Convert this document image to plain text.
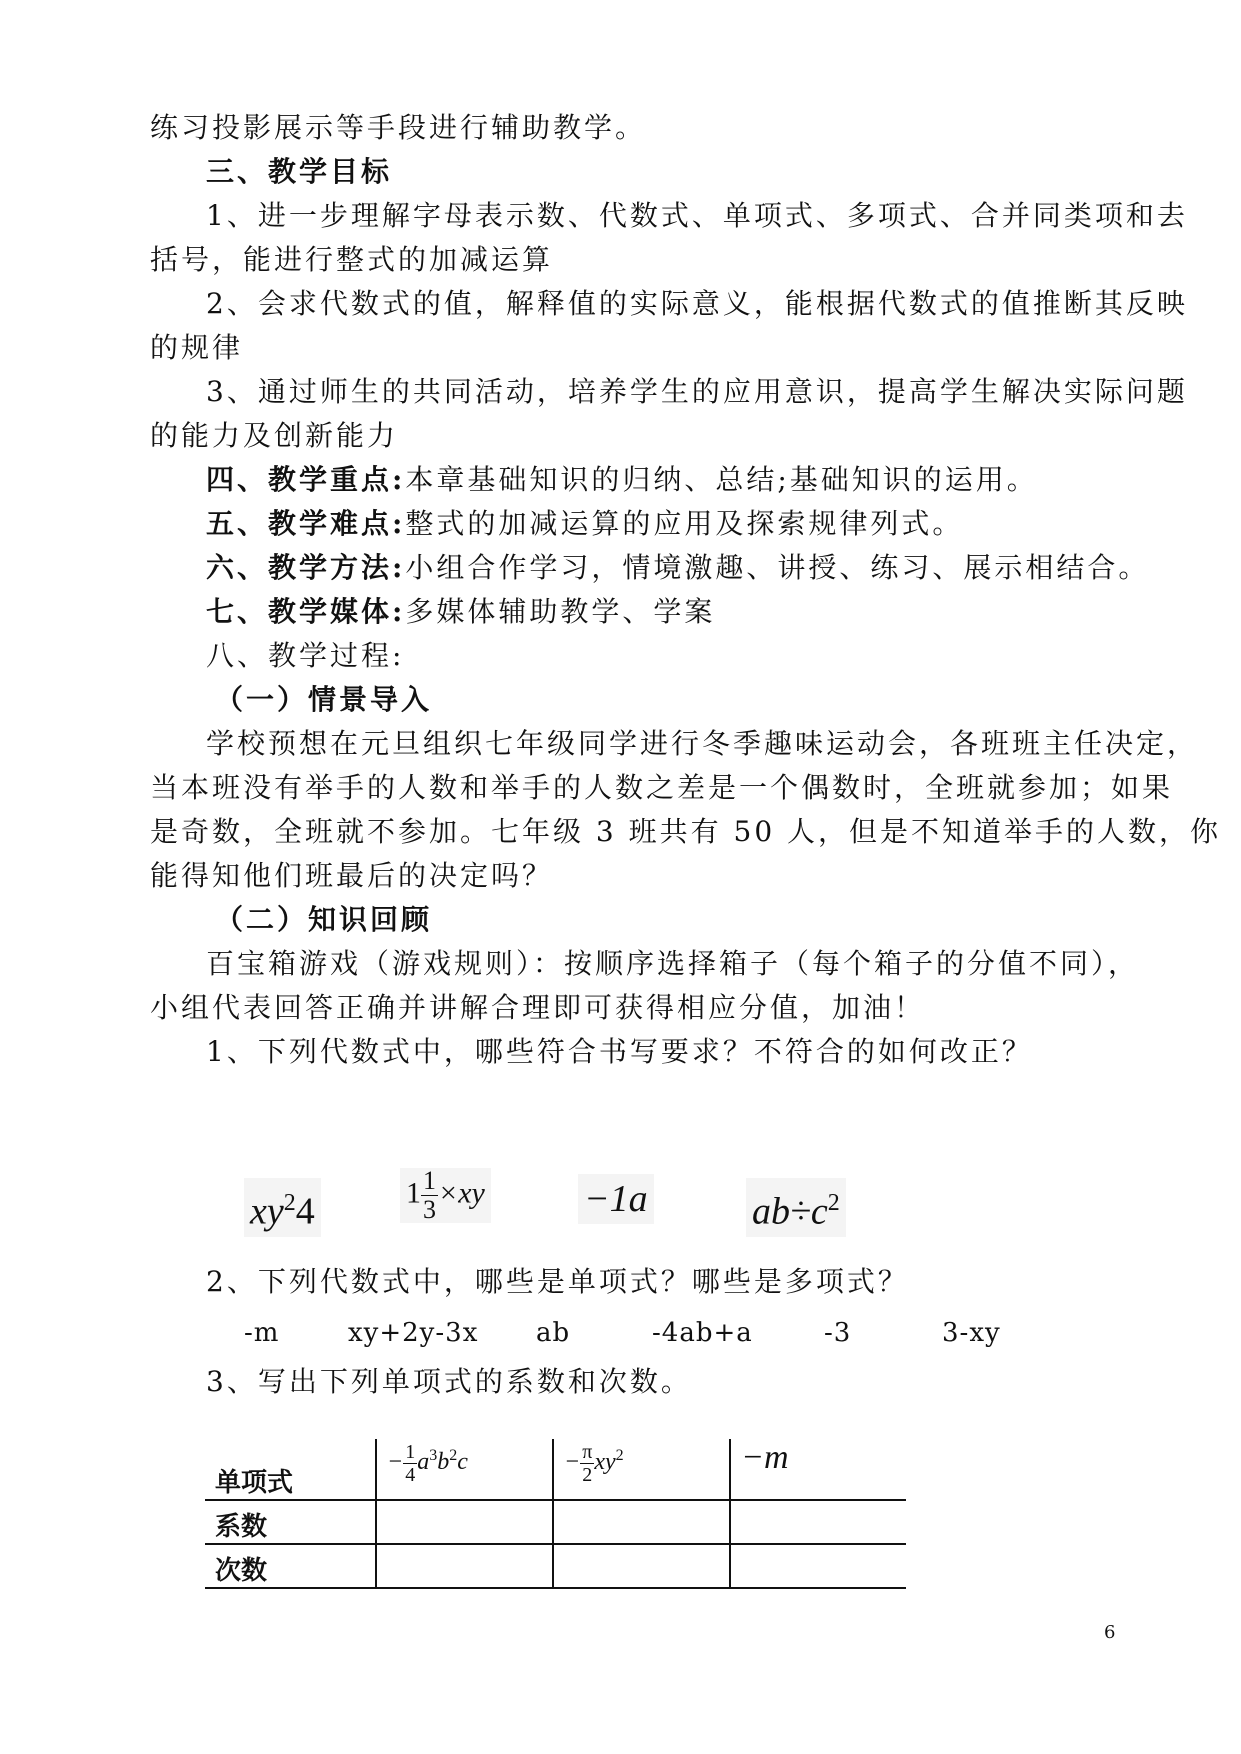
练习投影展示等手段进行辅助教学。
三、教学目标
1、进一步理解字母表示数、代数式、单项式、多项式、合并同类项和去
括号，能进行整式的加减运算
2、会求代数式的值，解释值的实际意义，能根据代数式的值推断其反映
的规律
3、通过师生的共同活动，培养学生的应用意识，提高学生解决实际问题
的能力及创新能力
四、教学重点:本章基础知识的归纳、总结;基础知识的运用。
五、教学难点:整式的加减运算的应用及探索规律列式。
六、教学方法:小组合作学习，情境激趣、讲授、练习、展示相结合。
七、教学媒体:多媒体辅助教学、学案
八、教学过程:
（一）情景导入
学校预想在元旦组织七年级同学进行冬季趣味运动会，各班班主任决定，
当本班没有举手的人数和举手的人数之差是一个偶数时，全班就参加；如果
是奇数，全班就不参加。七年级 3 班共有 50 人，但是不知道举手的人数，你
能得知他们班最后的决定吗？
（二）知识回顾
百宝箱游戏（游戏规则）：按顺序选择箱子（每个箱子的分值不同），
小组代表回答正确并讲解合理即可获得相应分值，加油！
1、下列代数式中，哪些符合书写要求？不符合的如何改正？
$xy^24$	$1 \frac{1}{3} \times xy$	−1a	$ab\div c^2$
2、下列代数式中，哪些是单项式？哪些是多项式？
-m	xy+2y-3x ab	-4ab+a	-3	3-xy
3、写出下列单项式的系数和次数。
单项式	− $\frac{1}{4} a^3b^2c$	− $\frac{\pi}{2} xy^2$	−m
系数			
次数			
6
